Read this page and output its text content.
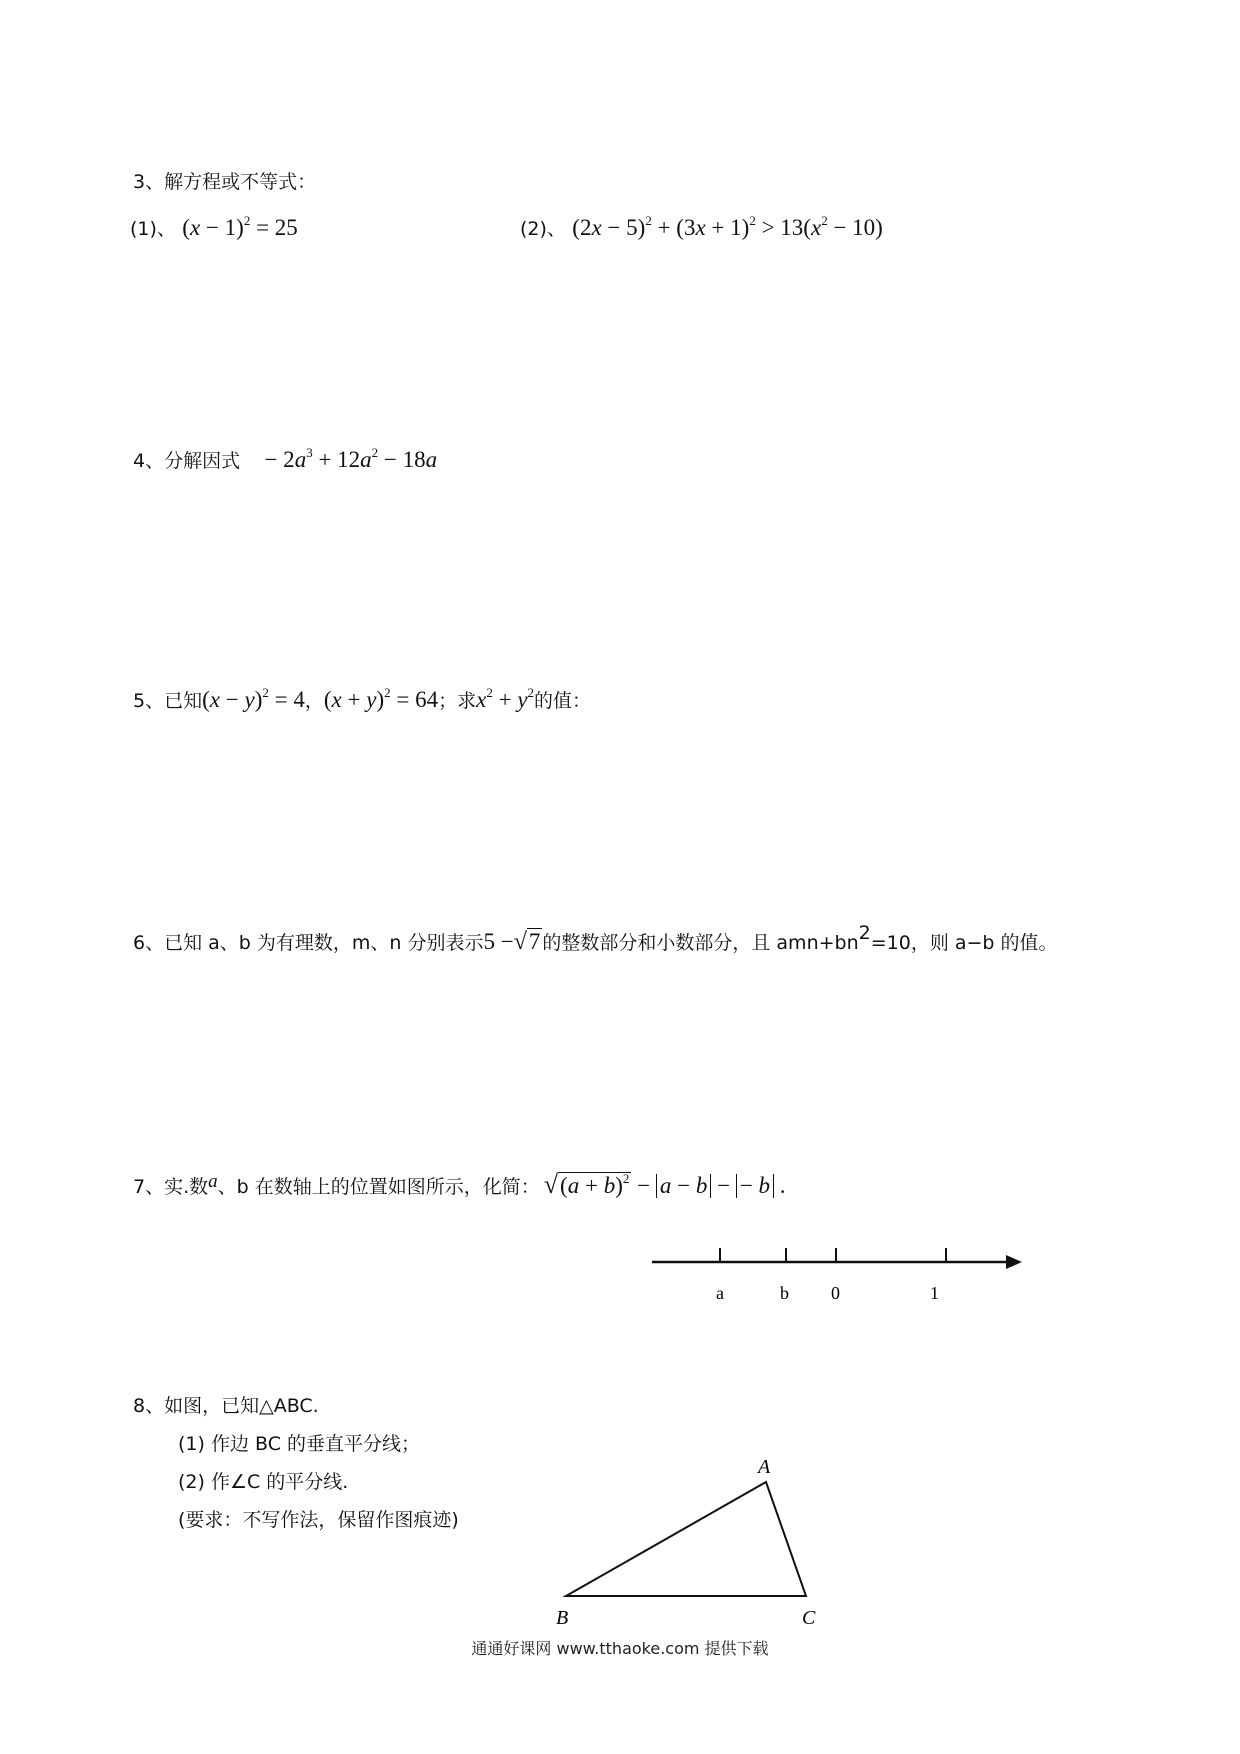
3、解方程或不等式：
(1)、 $(x - 1)^2 = 25$	(2)、 $(2x - 5)^2 + (3x + 1)^2 > 13(x^2 - 10)$
4、分解因式 − $2a^3 + 12a^2 - 18a$
5、已知$(x - y)^2 = 4$，$(x + y)^2 = 64$；求$x^2 + y^2$的值：
6、已知 a、b 为有理数，m、n 分别表示5 −√7 的整数部分和小数部分，且 $amn+bn^2=10$，则 a−b 的值。
7、实.数a、b 在数轴上的位置如图所示，化简： $√(a + b)^2 - a - b$ − − b .
a	b 0	1
8、如图，已知△ABC.
(1) 作边 BC 的垂直平分线；
(2) 作∠C 的平分线.
(要求：不写作法，保留作图痕迹)
A
B	C
通通好课网 www.tthaoke.com 提供下载
